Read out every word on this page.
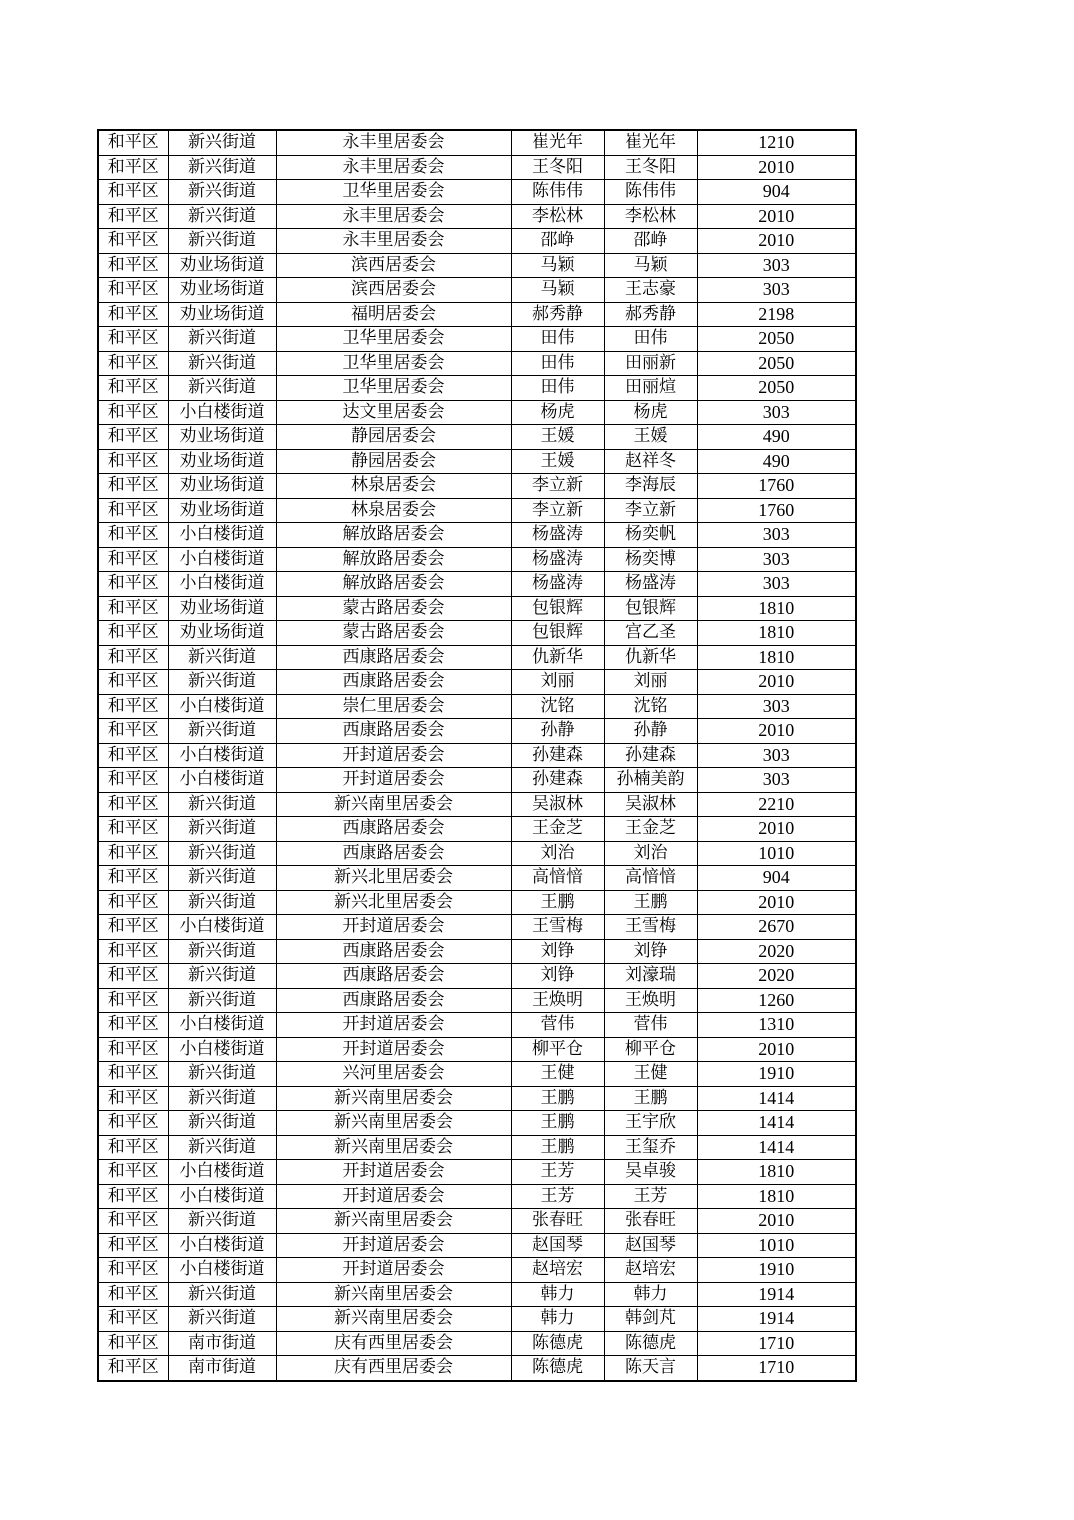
和平区	新兴街道	永丰里居委会	崔光年	崔光年	1210
和平区	新兴街道	永丰里居委会	王冬阳	王冬阳	2010
和平区	新兴街道	卫华里居委会	陈伟伟	陈伟伟	904
和平区	新兴街道	永丰里居委会	李松林	李松林	2010
和平区	新兴街道	永丰里居委会	邵峥	邵峥	2010
和平区	劝业场街道	滨西居委会	马颖	马颖	303
和平区	劝业场街道	滨西居委会	马颖	王志豪	303
和平区	劝业场街道	福明居委会	郝秀静	郝秀静	2198
和平区	新兴街道	卫华里居委会	田伟	田伟	2050
和平区	新兴街道	卫华里居委会	田伟	田丽新	2050
和平区	新兴街道	卫华里居委会	田伟	田丽煊	2050
和平区	小白楼街道	达文里居委会	杨虎	杨虎	303
和平区	劝业场街道	静园居委会	王媛	王媛	490
和平区	劝业场街道	静园居委会	王媛	赵祥冬	490
和平区	劝业场街道	林泉居委会	李立新	李海辰	1760
和平区	劝业场街道	林泉居委会	李立新	李立新	1760
和平区	小白楼街道	解放路居委会	杨盛涛	杨奕帆	303
和平区	小白楼街道	解放路居委会	杨盛涛	杨奕博	303
和平区	小白楼街道	解放路居委会	杨盛涛	杨盛涛	303
和平区	劝业场街道	蒙古路居委会	包银辉	包银辉	1810
和平区	劝业场街道	蒙古路居委会	包银辉	宫乙圣	1810
和平区	新兴街道	西康路居委会	仇新华	仇新华	1810
和平区	新兴街道	西康路居委会	刘丽	刘丽	2010
和平区	小白楼街道	崇仁里居委会	沈铭	沈铭	303
和平区	新兴街道	西康路居委会	孙静	孙静	2010
和平区	小白楼街道	开封道居委会	孙建森	孙建森	303
和平区	小白楼街道	开封道居委会	孙建森	孙楠美韵	303
和平区	新兴街道	新兴南里居委会	吴淑林	吴淑林	2210
和平区	新兴街道	西康路居委会	王金芝	王金芝	2010
和平区	新兴街道	西康路居委会	刘治	刘治	1010
和平区	新兴街道	新兴北里居委会	高愔愔	高愔愔	904
和平区	新兴街道	新兴北里居委会	王鹏	王鹏	2010
和平区	小白楼街道	开封道居委会	王雪梅	王雪梅	2670
和平区	新兴街道	西康路居委会	刘铮	刘铮	2020
和平区	新兴街道	西康路居委会	刘铮	刘濠瑞	2020
和平区	新兴街道	西康路居委会	王焕明	王焕明	1260
和平区	小白楼街道	开封道居委会	菅伟	菅伟	1310
和平区	小白楼街道	开封道居委会	柳平仓	柳平仓	2010
和平区	新兴街道	兴河里居委会	王健	王健	1910
和平区	新兴街道	新兴南里居委会	王鹏	王鹏	1414
和平区	新兴街道	新兴南里居委会	王鹏	王宇欣	1414
和平区	新兴街道	新兴南里居委会	王鹏	王玺乔	1414
和平区	小白楼街道	开封道居委会	王芳	吴卓骏	1810
和平区	小白楼街道	开封道居委会	王芳	王芳	1810
和平区	新兴街道	新兴南里居委会	张春旺	张春旺	2010
和平区	小白楼街道	开封道居委会	赵国琴	赵国琴	1010
和平区	小白楼街道	开封道居委会	赵培宏	赵培宏	1910
和平区	新兴街道	新兴南里居委会	韩力	韩力	1914
和平区	新兴街道	新兴南里居委会	韩力	韩剑芃	1914
和平区	南市街道	庆有西里居委会	陈德虎	陈德虎	1710
和平区	南市街道	庆有西里居委会	陈德虎	陈天言	1710
